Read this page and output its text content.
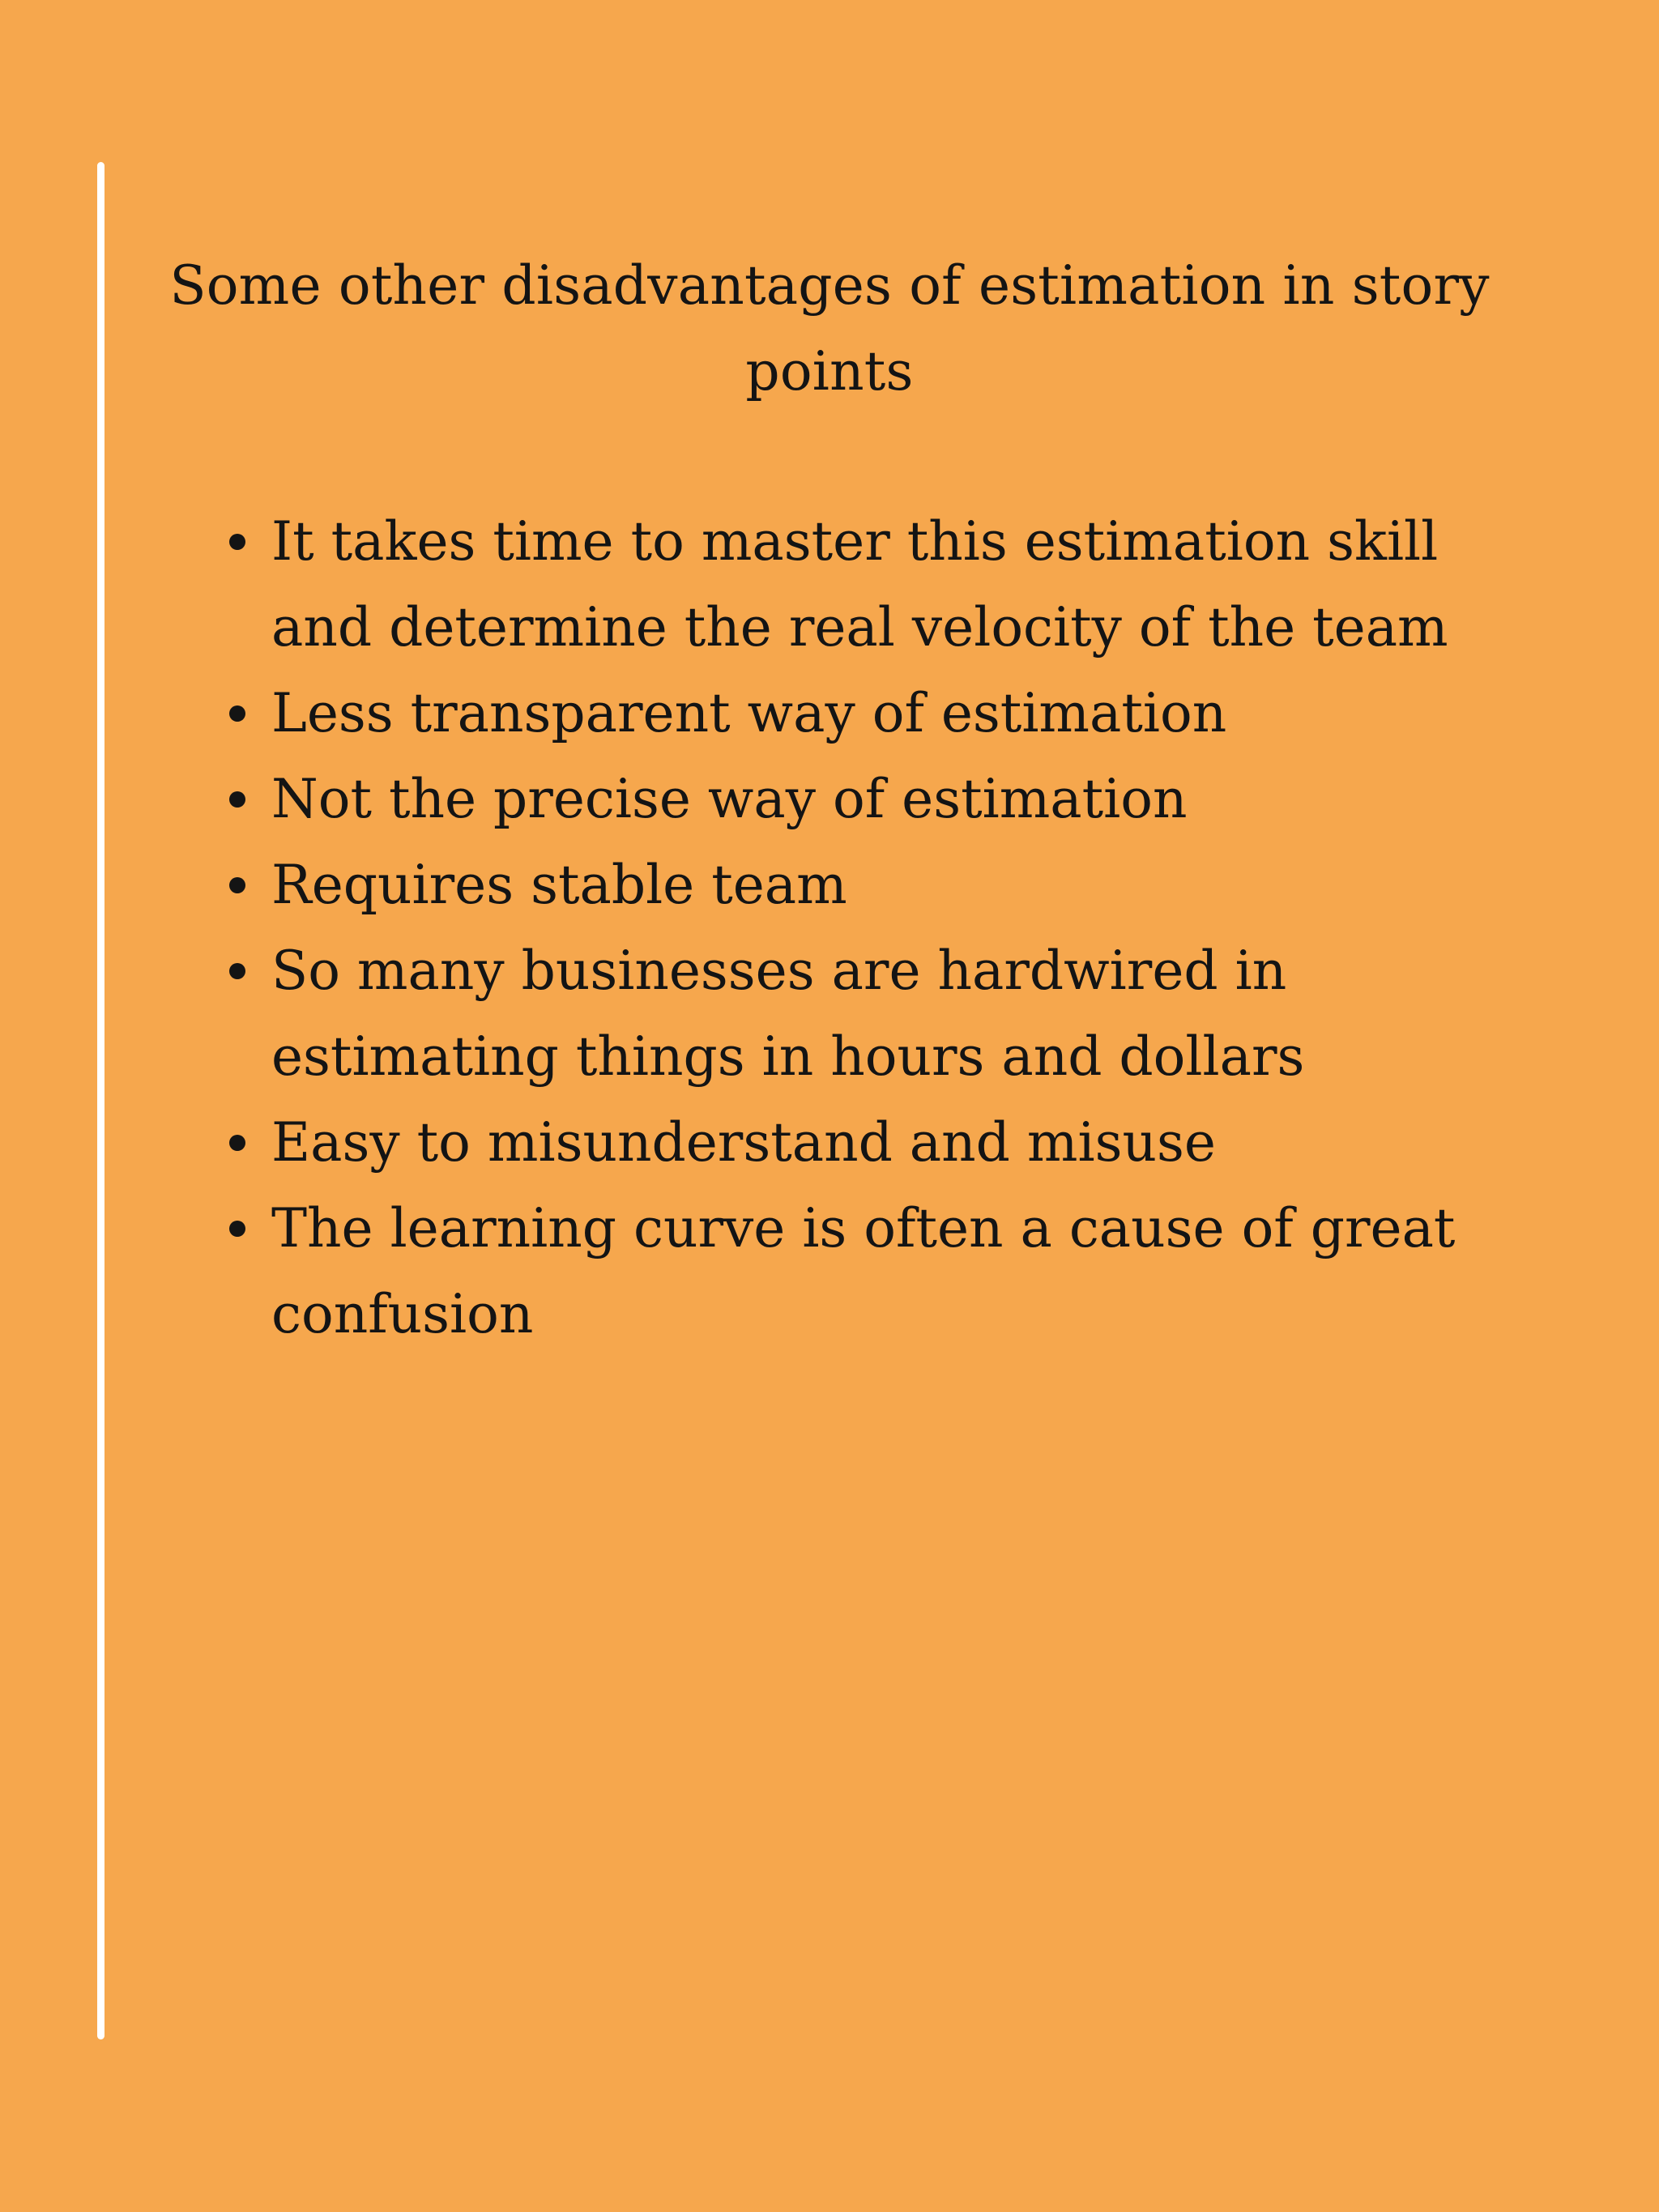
Some other disadvantages of estimation in story points
It takes time to master this estimation skill and determine the real velocity of the team
Less transparent way of estimation
Not the precise way of estimation
Requires stable team
So many businesses are hardwired in estimating things in hours and dollars
Easy to misunderstand and misuse
The learning curve is often a cause of great confusion
